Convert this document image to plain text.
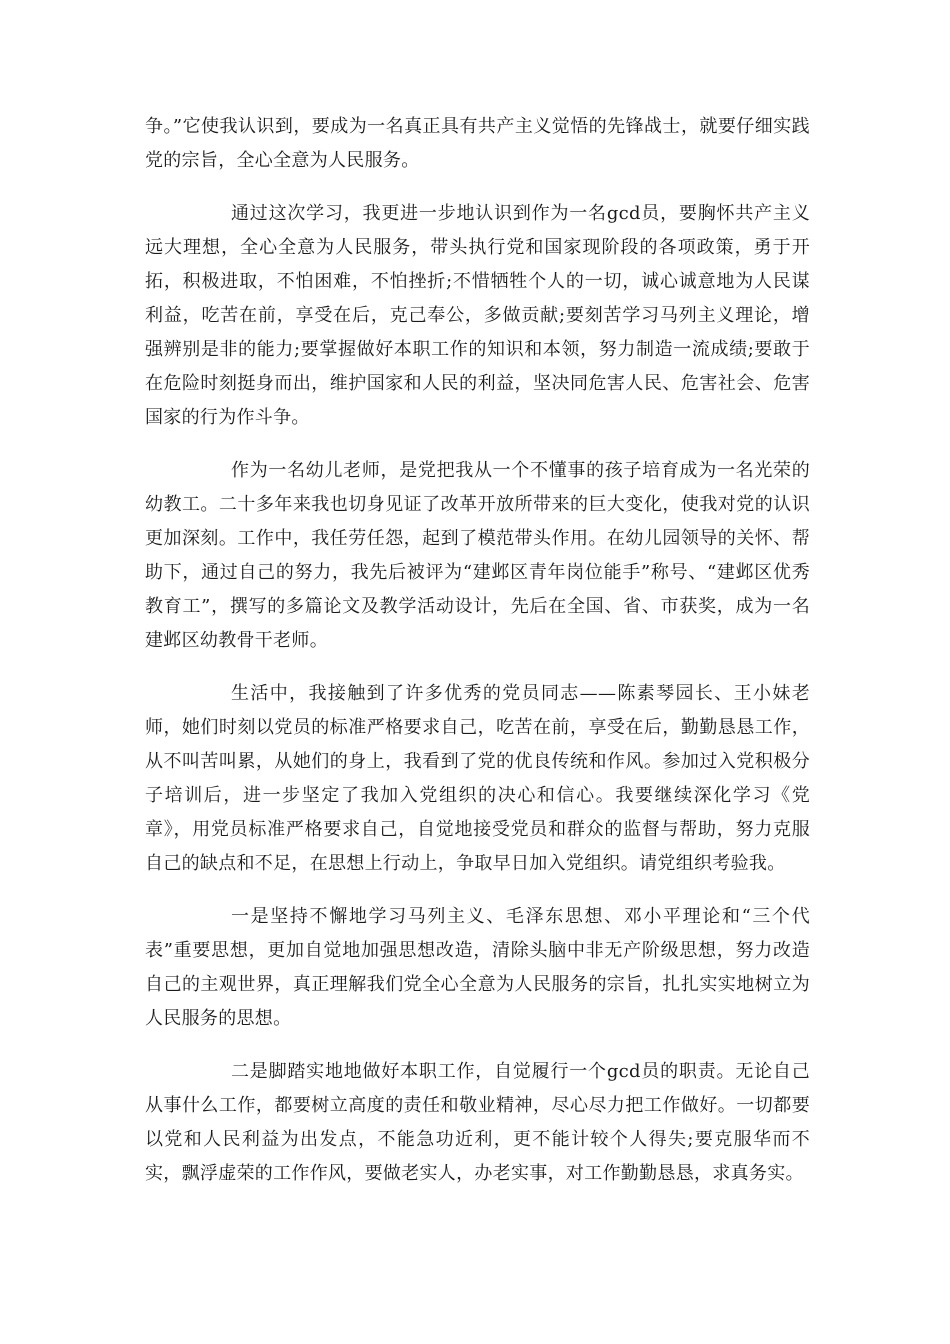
争。”它使我认识到，要成为一名真正具有共产主义觉悟的先锋战士，就要仔细实践党的宗旨，全心全意为人民服务。

通过这次学习，我更进一步地认识到作为一名gcd员，要胸怀共产主义远大理想，全心全意为人民服务，带头执行党和国家现阶段的各项政策，勇于开拓，积极进取，不怕困难，不怕挫折;不惜牺牲个人的一切，诚心诚意地为人民谋利益，吃苦在前，享受在后，克己奉公，多做贡献;要刻苦学习马列主义理论，增强辨别是非的能力;要掌握做好本职工作的知识和本领，努力制造一流成绩;要敢于在危险时刻挺身而出，维护国家和人民的利益，坚决同危害人民、危害社会、危害国家的行为作斗争。

作为一名幼儿老师，是党把我从一个不懂事的孩子培育成为一名光荣的幼教工。二十多年来我也切身见证了改革开放所带来的巨大变化，使我对党的认识更加深刻。工作中，我任劳任怨，起到了模范带头作用。在幼儿园领导的关怀、帮助下，通过自己的努力，我先后被评为“建邺区青年岗位能手”称号、“建邺区优秀教育工”，撰写的多篇论文及教学活动设计，先后在全国、省、市获奖，成为一名建邺区幼教骨干老师。

生活中，我接触到了许多优秀的党员同志——陈素琴园长、王小妹老师，她们时刻以党员的标准严格要求自己，吃苦在前，享受在后，勤勤恳恳工作，从不叫苦叫累，从她们的身上，我看到了党的优良传统和作风。参加过入党积极分子培训后，进一步坚定了我加入党组织的决心和信心。我要继续深化学习《党章》，用党员标准严格要求自己，自觉地接受党员和群众的监督与帮助，努力克服自己的缺点和不足，在思想上行动上，争取早日加入党组织。请党组织考验我。

一是坚持不懈地学习马列主义、毛泽东思想、邓小平理论和“三个代表”重要思想，更加自觉地加强思想改造，清除头脑中非无产阶级思想，努力改造自己的主观世界，真正理解我们党全心全意为人民服务的宗旨，扎扎实实地树立为人民服务的思想。

二是脚踏实地地做好本职工作，自觉履行一个gcd员的职责。无论自己从事什么工作，都要树立高度的责任和敬业精神，尽心尽力把工作做好。一切都要以党和人民利益为出发点，不能急功近利，更不能计较个人得失;要克服华而不实，飘浮虚荣的工作作风，要做老实人，办老实事，对工作勤勤恳恳，求真务实。
